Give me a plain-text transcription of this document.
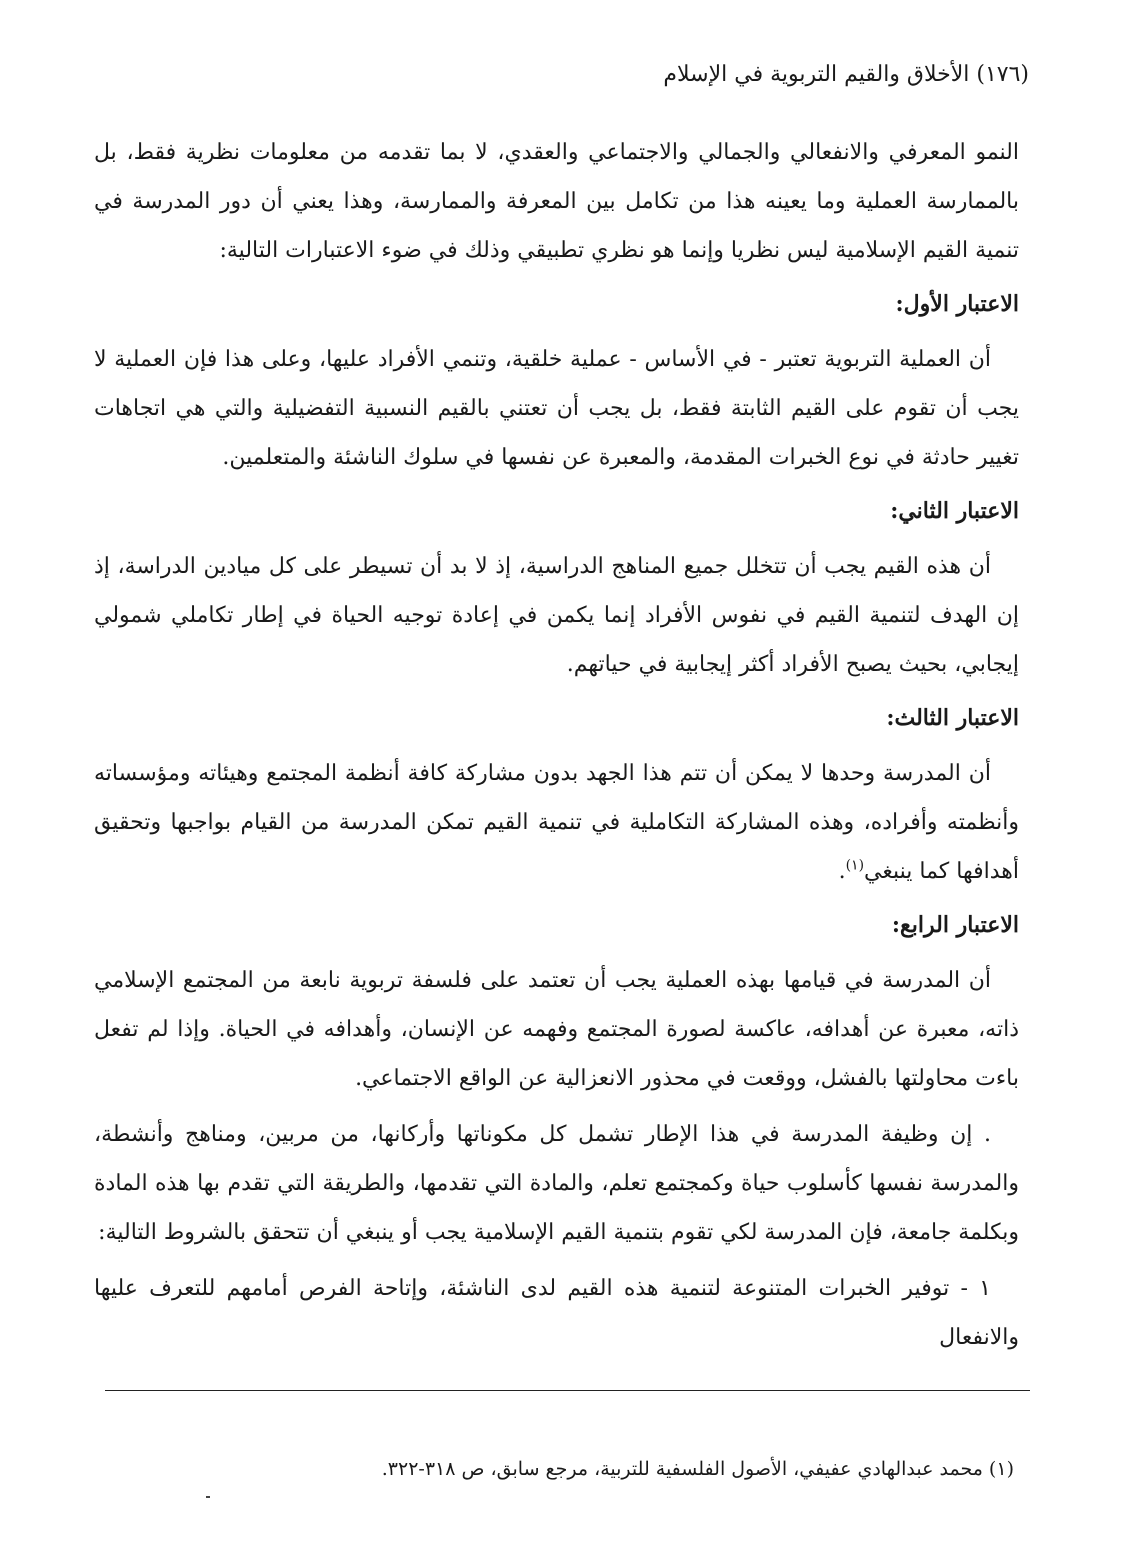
(١٧٦) الأخلاق والقيم التربوية في الإسلام

النمو المعرفي والانفعالي والجمالي والاجتماعي والعقدي، لا بما تقدمه من معلومات نظرية فقط، بل بالممارسة العملية وما يعينه هذا من تكامل بين المعرفة والممارسة، وهذا يعني أن دور المدرسة في تنمية القيم الإسلامية ليس نظريا وإنما هو نظري تطبيقي وذلك في ضوء الاعتبارات التالية:

الاعتبار الأول:

أن العملية التربوية تعتبر - في الأساس - عملية خلقية، وتنمي الأفراد عليها، وعلى هذا فإن العملية لا يجب أن تقوم على القيم الثابتة فقط، بل يجب أن تعتني بالقيم النسبية التفضيلية والتي هي اتجاهات تغيير حادثة في نوع الخبرات المقدمة، والمعبرة عن نفسها في سلوك الناشئة والمتعلمين.

الاعتبار الثاني:

أن هذه القيم يجب أن تتخلل جميع المناهج الدراسية، إذ لا بد أن تسيطر على كل ميادين الدراسة، إذ إن الهدف لتنمية القيم في نفوس الأفراد إنما يكمن في إعادة توجيه الحياة في إطار تكاملي شمولي إيجابي، بحيث يصبح الأفراد أكثر إيجابية في حياتهم.

الاعتبار الثالث:

أن المدرسة وحدها لا يمكن أن تتم هذا الجهد بدون مشاركة كافة أنظمة المجتمع وهيئاته ومؤسساته وأنظمته وأفراده، وهذه المشاركة التكاملية في تنمية القيم تمكن المدرسة من القيام بواجبها وتحقيق أهدافها كما ينبغي$^{(١)}$.

الاعتبار الرابع:

أن المدرسة في قيامها بهذه العملية يجب أن تعتمد على فلسفة تربوية نابعة من المجتمع الإسلامي ذاته، معبرة عن أهدافه، عاكسة لصورة المجتمع وفهمه عن الإنسان، وأهدافه في الحياة. وإذا لم تفعل باءت محاولتها بالفشل، ووقعت في محذور الانعزالية عن الواقع الاجتماعي.

. إن وظيفة المدرسة في هذا الإطار تشمل كل مكوناتها وأركانها، من مربين، ومناهج وأنشطة، والمدرسة نفسها كأسلوب حياة وكمجتمع تعلم، والمادة التي تقدمها، والطريقة التي تقدم بها هذه المادة وبكلمة جامعة، فإن المدرسة لكي تقوم بتنمية القيم الإسلامية يجب أو ينبغي أن تتحقق بالشروط التالية:

١ - توفير الخبرات المتنوعة لتنمية هذه القيم لدى الناشئة، وإتاحة الفرص أمامهم للتعرف عليها والانفعال

(١) محمد عبدالهادي عفيفي، الأصول الفلسفية للتربية، مرجع سابق، ص ٣١٨-٣٢٢.
